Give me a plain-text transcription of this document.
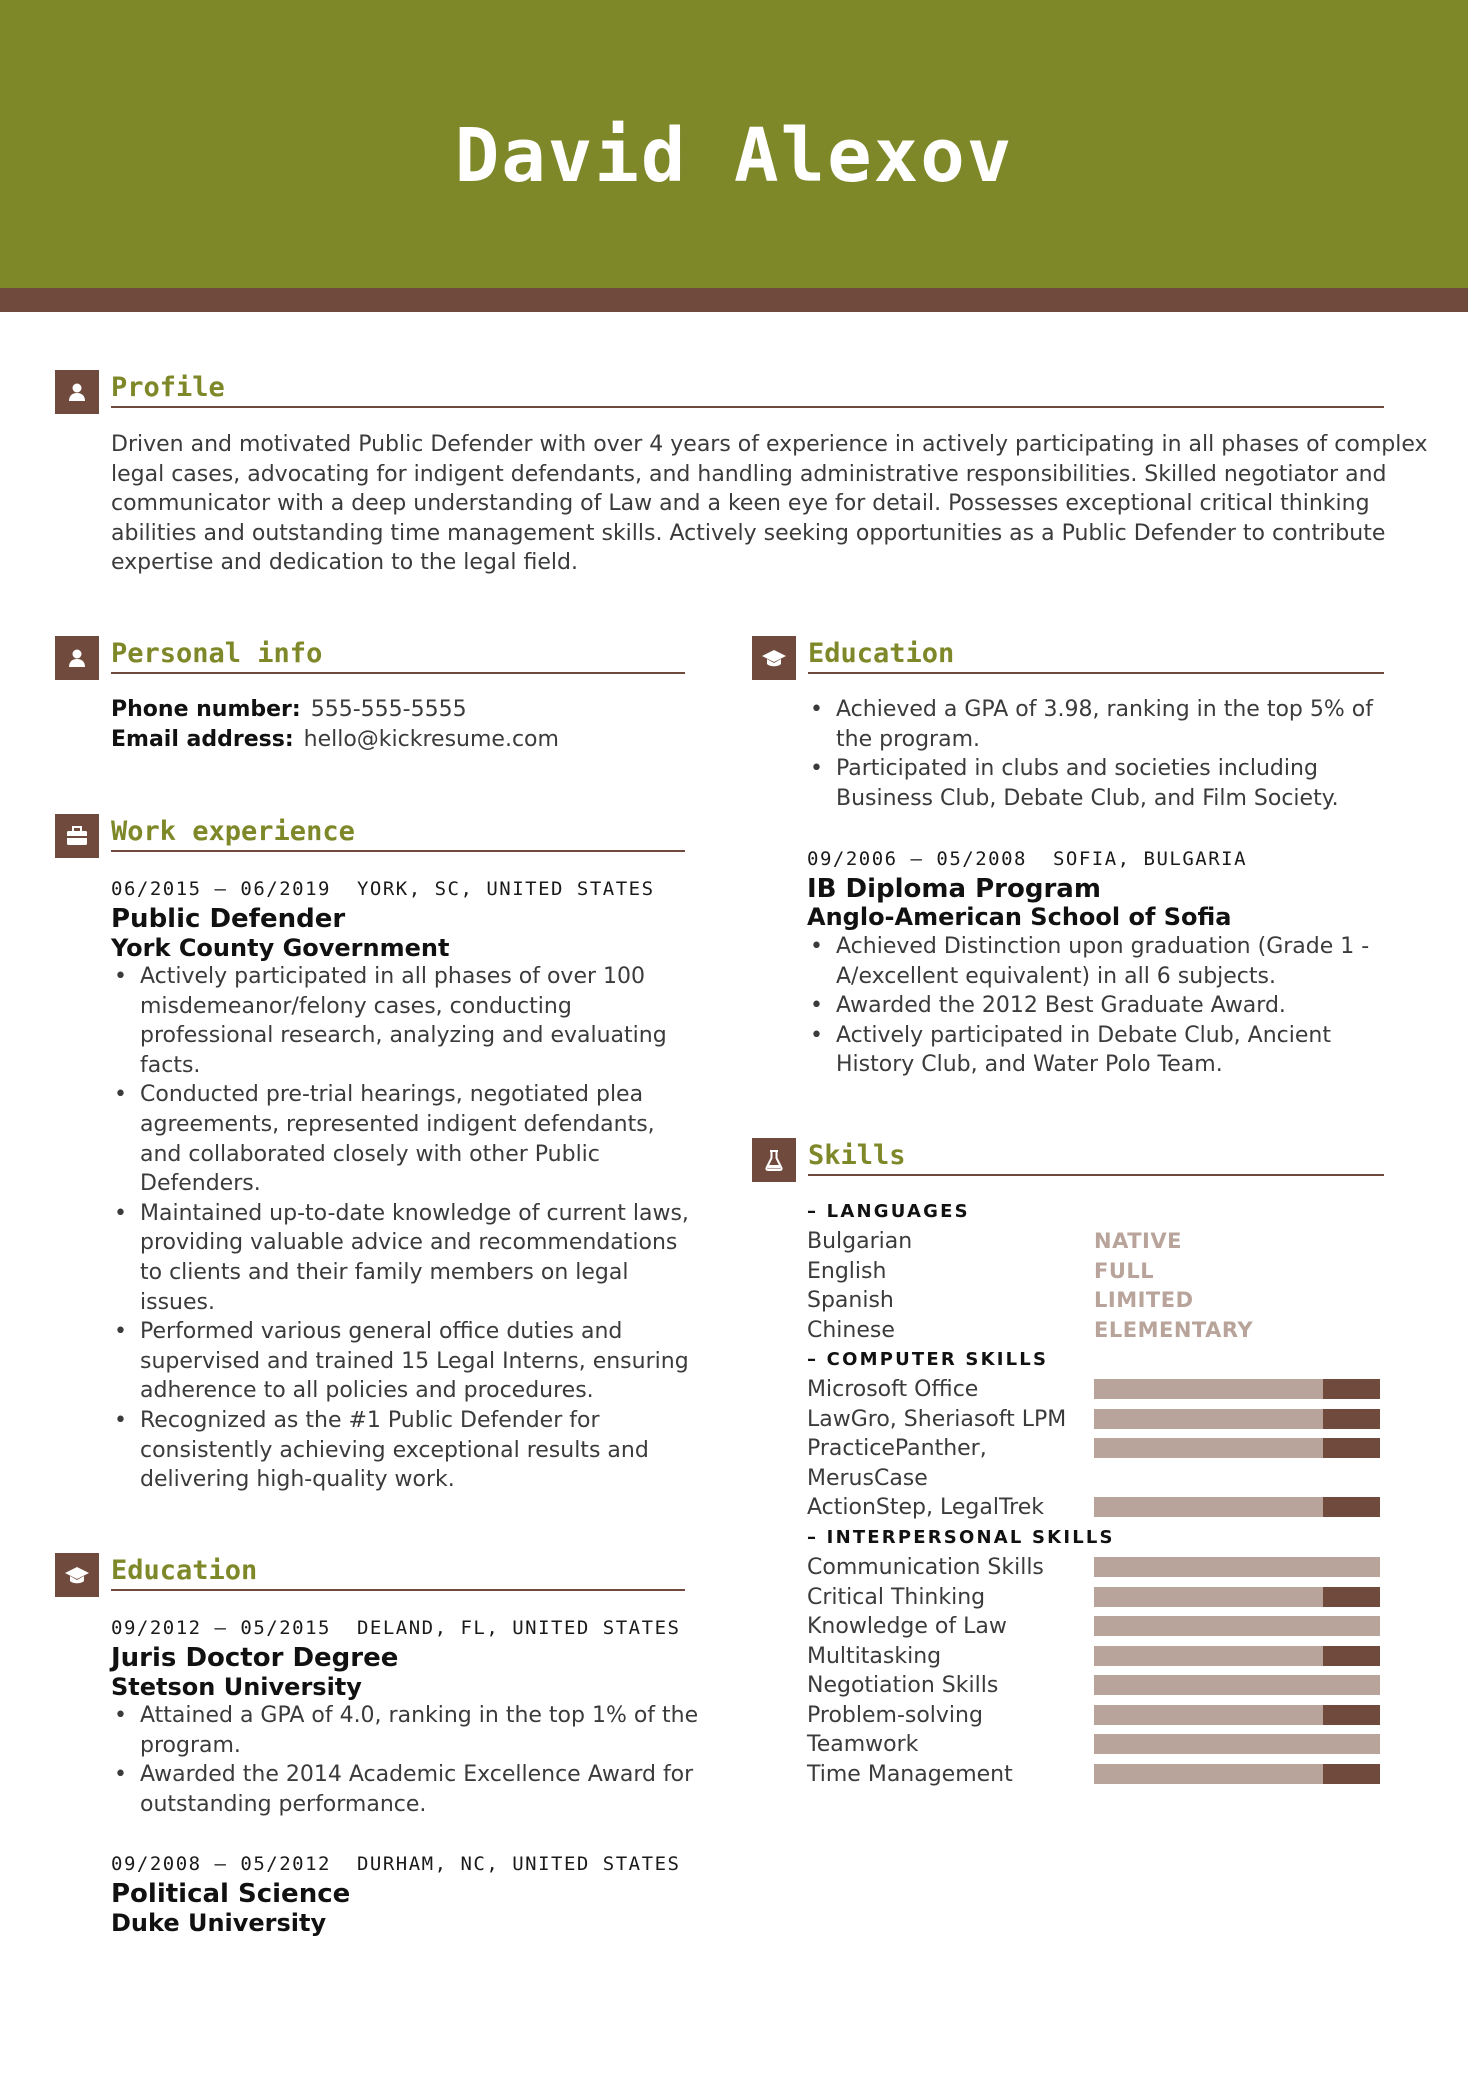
David Alexov
Profile
Driven and motivated Public Defender with over 4 years of experience in actively participating in all phases of complex
legal cases, advocating for indigent defendants, and handling administrative responsibilities. Skilled negotiator and
communicator with a deep understanding of Law and a keen eye for detail. Possesses exceptional critical thinking
abilities and outstanding time management skills. Actively seeking opportunities as a Public Defender to contribute
expertise and dedication to the legal field.
Personal info
Phone number: 555-555-5555
Email address: hello@kickresume.com
Work experience
06/2015 – 06/2019 YORK, SC, UNITED STATES
Public Defender
York County Government
• Actively participated in all phases of over 100 misdemeanor/felony cases, conducting professional research, analyzing and evaluating facts.
• Conducted pre-trial hearings, negotiated plea agreements, represented indigent defendants, and collaborated closely with other Public Defenders.
• Maintained up-to-date knowledge of current laws, providing valuable advice and recommendations to clients and their family members on legal issues.
• Performed various general office duties and supervised and trained 15 Legal Interns, ensuring adherence to all policies and procedures.
• Recognized as the #1 Public Defender for consistently achieving exceptional results and delivering high-quality work.
Education
09/2012 – 05/2015 DELAND, FL, UNITED STATES
Juris Doctor Degree
Stetson University
• Attained a GPA of 4.0, ranking in the top 1% of the program.
• Awarded the 2014 Academic Excellence Award for outstanding performance.
09/2008 – 05/2012 DURHAM, NC, UNITED STATES
Political Science
Duke University
Education
• Achieved a GPA of 3.98, ranking in the top 5% of the program.
• Participated in clubs and societies including Business Club, Debate Club, and Film Society.
09/2006 – 05/2008 SOFIA, BULGARIA
IB Diploma Program
Anglo-American School of Sofia
• Achieved Distinction upon graduation (Grade 1 - A/excellent equivalent) in all 6 subjects.
• Awarded the 2012 Best Graduate Award.
• Actively participated in Debate Club, Ancient History Club, and Water Polo Team.
Skills
– LANGUAGES
Bulgarian	NATIVE
English	FULL
Spanish	LIMITED
Chinese	ELEMENTARY
– COMPUTER SKILLS
Microsoft Office
LawGro, Sheriasoft LPM
PracticePanther, MerusCase
ActionStep, LegalTrek
– INTERPERSONAL SKILLS
Communication Skills
Critical Thinking
Knowledge of Law
Multitasking
Negotiation Skills
Problem-solving
Teamwork
Time Management
